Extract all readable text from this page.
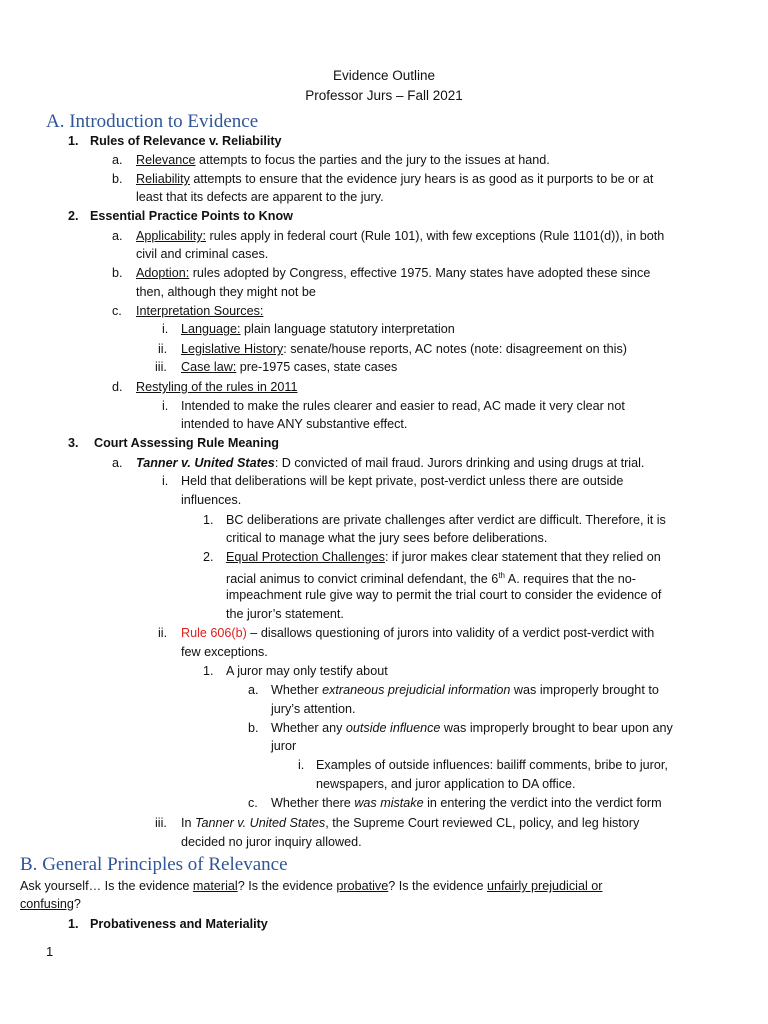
Evidence Outline
Professor Jurs – Fall 2021
A. Introduction to Evidence
1. Rules of Relevance v. Reliability
a. Relevance attempts to focus the parties and the jury to the issues at hand.
b. Reliability attempts to ensure that the evidence jury hears is as good as it purports to be or at
least that its defects are apparent to the jury.
2. Essential Practice Points to Know
a. Applicability: rules apply in federal court (Rule 101), with few exceptions (Rule 1101(d)), in both
civil and criminal cases.
b. Adoption: rules adopted by Congress, effective 1975. Many states have adopted these since
then, although they might not be
c. Interpretation Sources:
i. Language: plain language statutory interpretation
ii. Legislative History: senate/house reports, AC notes (note: disagreement on this)
iii. Case law: pre-1975 cases, state cases
d. Restyling of the rules in 2011
i. Intended to make the rules clearer and easier to read, AC made it very clear not
intended to have ANY substantive effect.
3. Court Assessing Rule Meaning
a. Tanner v. United States: D convicted of mail fraud. Jurors drinking and using drugs at trial.
i. Held that deliberations will be kept private, post-verdict unless there are outside
influences.
1. BC deliberations are private challenges after verdict are difficult. Therefore, it is
critical to manage what the jury sees before deliberations.
2. Equal Protection Challenges: if juror makes clear statement that they relied on
racial animus to convict criminal defendant, the 6th A. requires that the no-
impeachment rule give way to permit the trial court to consider the evidence of
the juror’s statement.
ii. Rule 606(b) – disallows questioning of jurors into validity of a verdict post-verdict with
few exceptions.
1. A juror may only testify about
a. Whether extraneous prejudicial information was improperly brought to
jury’s attention.
b. Whether any outside influence was improperly brought to bear upon any
juror
i. Examples of outside influences: bailiff comments, bribe to juror,
newspapers, and juror application to DA office.
c. Whether there was mistake in entering the verdict into the verdict form
iii. In Tanner v. United States, the Supreme Court reviewed CL, policy, and leg history
decided no juror inquiry allowed.
B. General Principles of Relevance
Ask yourself… Is the evidence material? Is the evidence probative? Is the evidence unfairly prejudicial or
confusing?
1. Probativeness and Materiality
1
